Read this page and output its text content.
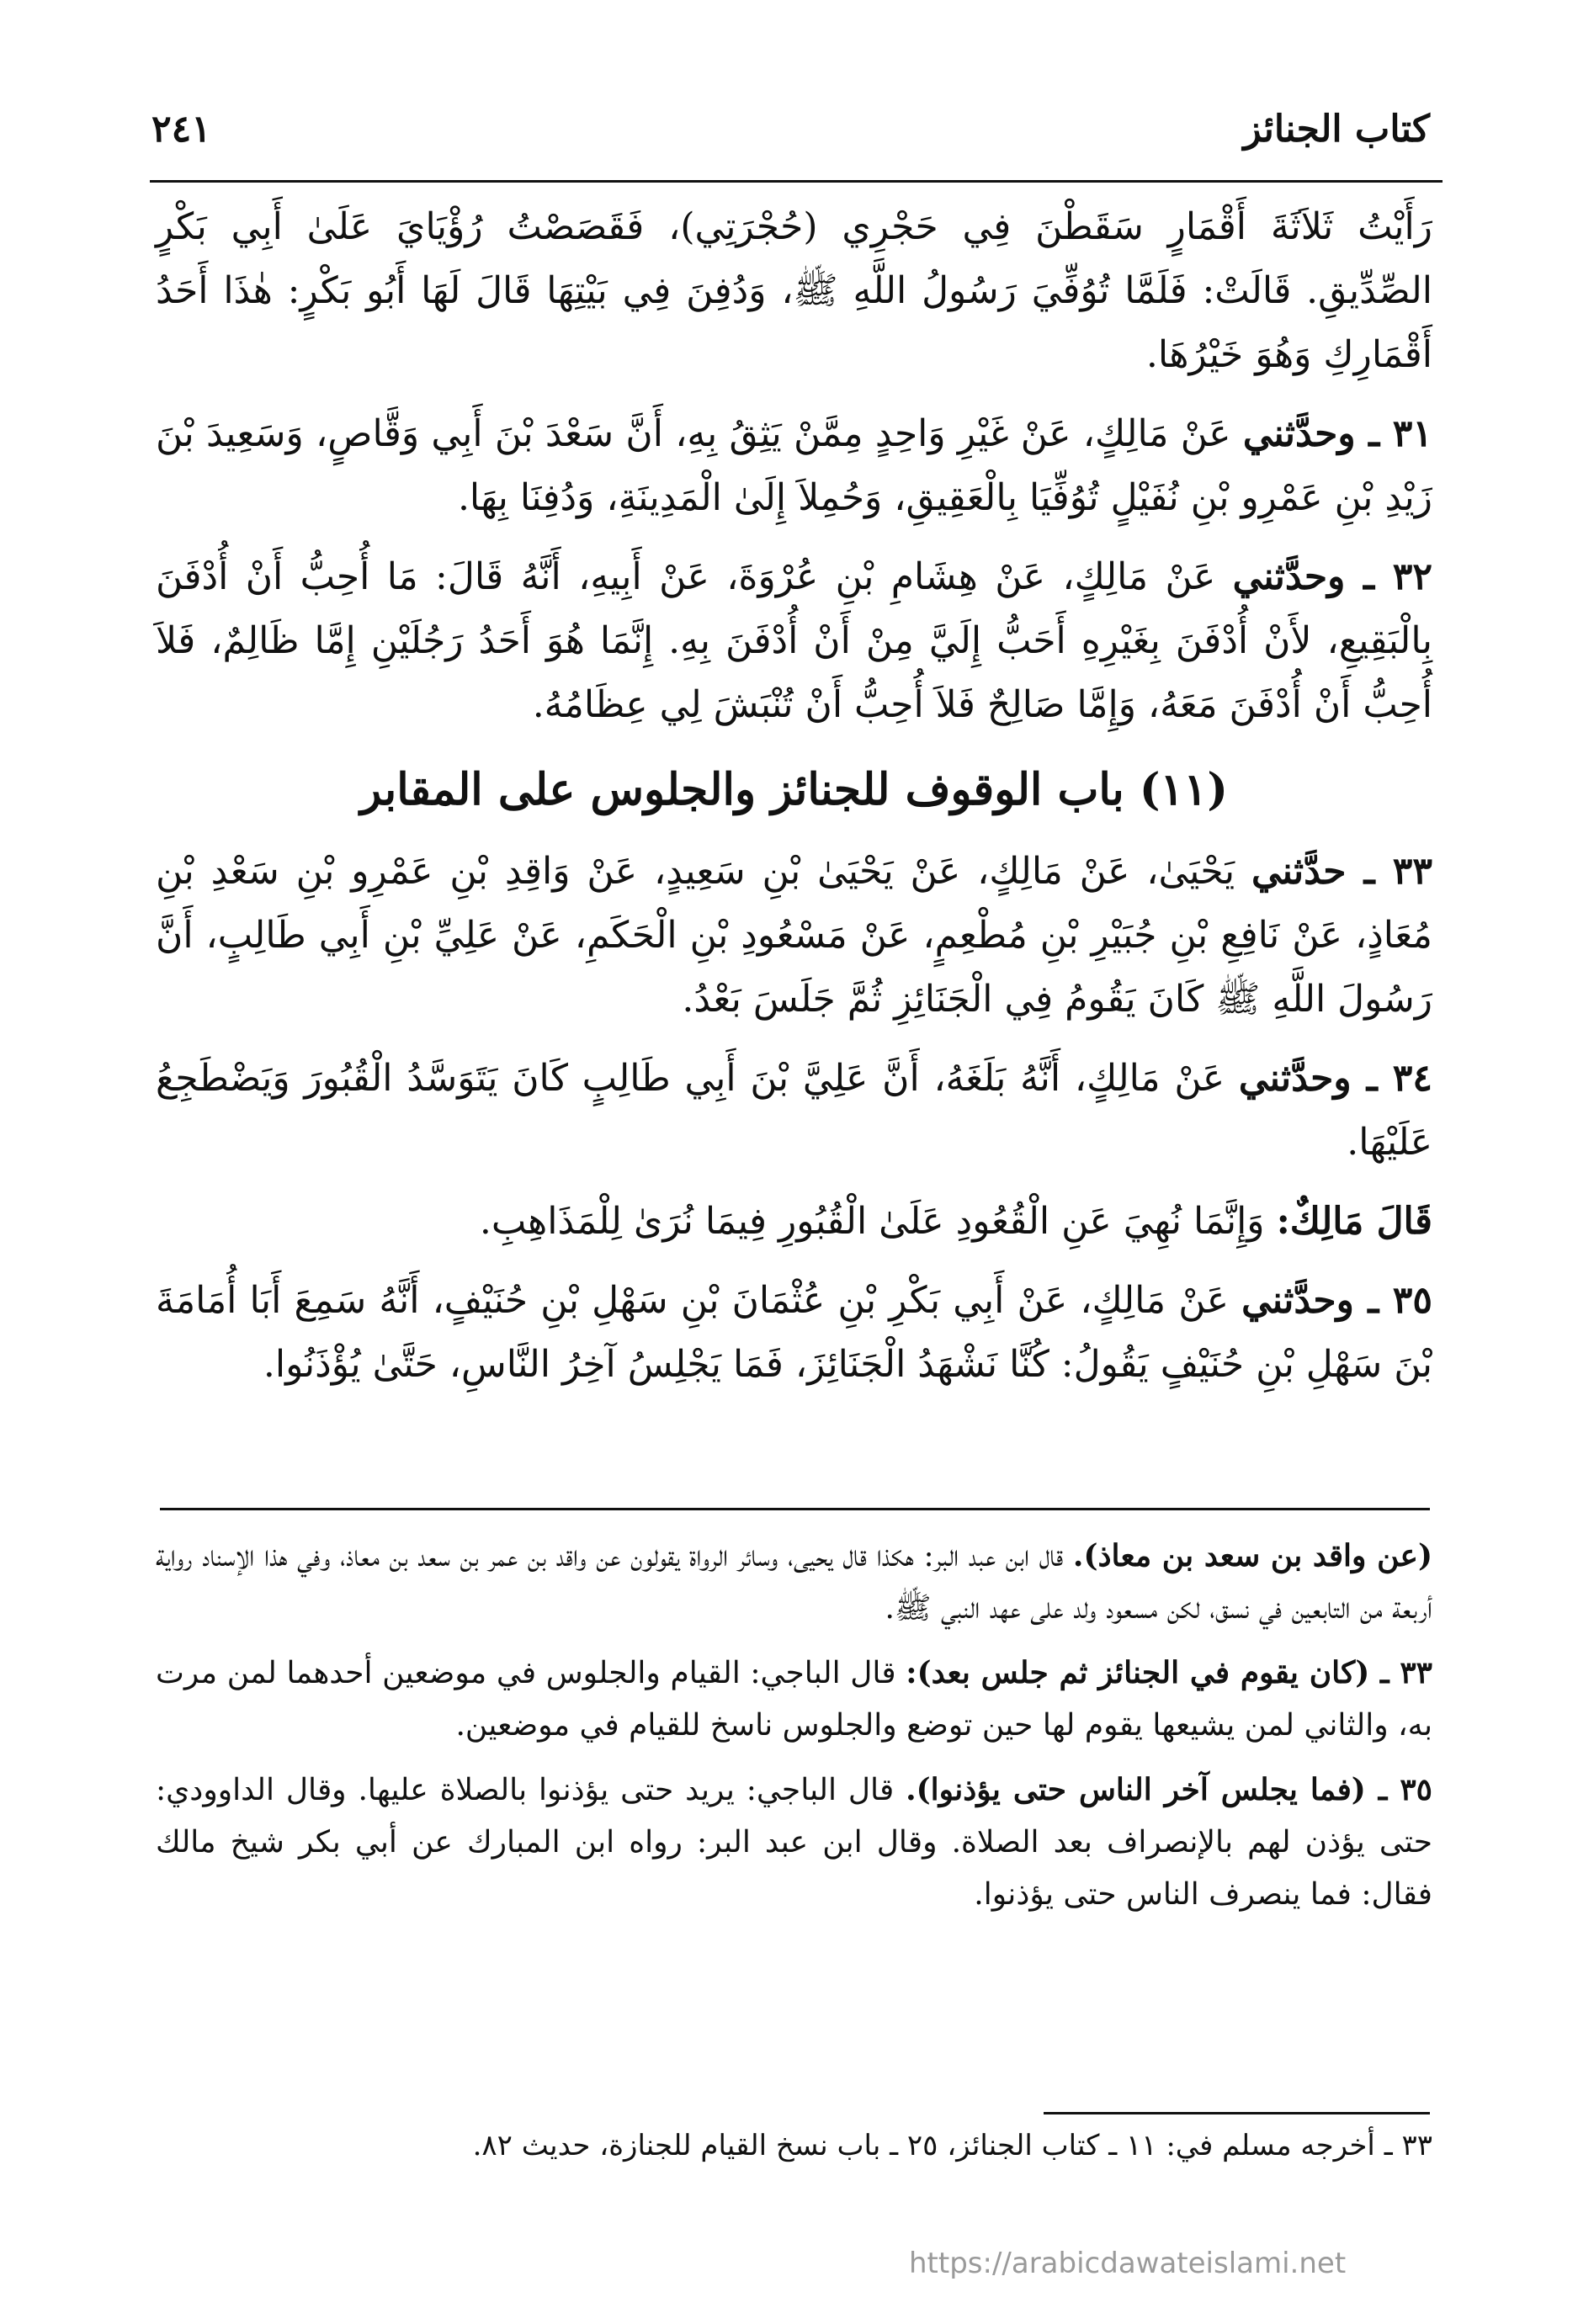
كتاب الجنائز
٢٤١

رَأَيْتُ ثَلاَثَةَ أَقْمَارٍ سَقَطْنَ فِي حَجْرِي (حُجْرَتِي)، فَقَصَصْتُ رُؤْيَايَ عَلَىٰ أَبِي بَكْرٍ الصِّدِّيقِ. قَالَتْ: فَلَمَّا تُوُفِّيَ رَسُولُ اللَّهِ ﷺ، وَدُفِنَ فِي بَيْتِهَا قَالَ لَهَا أَبُو بَكْرٍ: هٰذَا أَحَدُ أَقْمَارِكِ وَهُوَ خَيْرُهَا.

٣١ ـ وحدَّثني عَنْ مَالِكٍ، عَنْ غَيْرِ وَاحِدٍ مِمَّنْ يَثِقُ بِهِ، أَنَّ سَعْدَ بْنَ أَبِي وَقَّاصٍ، وَسَعِيدَ بْنَ زَيْدِ بْنِ عَمْرِو بْنِ نُفَيْلٍ تُوُفِّيَا بِالْعَقِيقِ، وَحُمِلاَ إِلَىٰ الْمَدِينَةِ، وَدُفِنَا بِهَا.

٣٢ ـ وحدَّثني عَنْ مَالِكٍ، عَنْ هِشَامِ بْنِ عُرْوَةَ، عَنْ أَبِيهِ، أَنَّهُ قَالَ: مَا أُحِبُّ أَنْ أُدْفَنَ بِالْبَقِيعِ، لأَنْ أُدْفَنَ بِغَيْرِهِ أَحَبُّ إِلَيَّ مِنْ أَنْ أُدْفَنَ بِهِ. إِنَّمَا هُوَ أَحَدُ رَجُلَيْنِ إِمَّا ظَالِمٌ، فَلاَ أُحِبُّ أَنْ أُدْفَنَ مَعَهُ، وَإِمَّا صَالِحٌ فَلاَ أُحِبُّ أَنْ تُنْبَشَ لِي عِظَامُهُ.

(١١) باب الوقوف للجنائز والجلوس على المقابر

٣٣ ـ حدَّثني يَحْيَىٰ، عَنْ مَالِكٍ، عَنْ يَحْيَىٰ بْنِ سَعِيدٍ، عَنْ وَاقِدِ بْنِ عَمْرِو بْنِ سَعْدِ بْنِ مُعَاذٍ، عَنْ نَافِعِ بْنِ جُبَيْرِ بْنِ مُطْعِمٍ، عَنْ مَسْعُودِ بْنِ الْحَكَمِ، عَنْ عَلِيِّ بْنِ أَبِي طَالِبٍ، أَنَّ رَسُولَ اللَّهِ ﷺ كَانَ يَقُومُ فِي الْجَنَائِزِ ثُمَّ جَلَسَ بَعْدُ.

٣٤ ـ وحدَّثني عَنْ مَالِكٍ، أَنَّهُ بَلَغَهُ، أَنَّ عَلِيَّ بْنَ أَبِي طَالِبٍ كَانَ يَتَوَسَّدُ الْقُبُورَ وَيَضْطَجِعُ عَلَيْهَا.

قَالَ مَالِكٌ: وَإِنَّمَا نُهِيَ عَنِ الْقُعُودِ عَلَىٰ الْقُبُورِ فِيمَا نُرَىٰ لِلْمَذَاهِبِ.

٣٥ ـ وحدَّثني عَنْ مَالِكٍ، عَنْ أَبِي بَكْرِ بْنِ عُثْمَانَ بْنِ سَهْلِ بْنِ حُنَيْفٍ، أَنَّهُ سَمِعَ أَبَا أُمَامَةَ بْنَ سَهْلِ بْنِ حُنَيْفٍ يَقُولُ: كُنَّا نَشْهَدُ الْجَنَائِزَ، فَمَا يَجْلِسُ آخِرُ النَّاسِ، حَتَّىٰ يُؤْذَنُوا.

(عن واقد بن سعد بن معاذ). قال ابن عبد البر: هكذا قال يحيى، وسائر الرواة يقولون عن واقد بن عمر بن سعد بن معاذ، وفي هذا الإسناد رواية أربعة من التابعين في نسق، لكن مسعود ولد على عهد النبي ﷺ.

٣٣ ـ (كان يقوم في الجنائز ثم جلس بعد): قال الباجي: القيام والجلوس في موضعين أحدهما لمن مرت به، والثاني لمن يشيعها يقوم لها حين توضع والجلوس ناسخ للقيام في موضعين.

٣٥ ـ (فما يجلس آخر الناس حتى يؤذنوا). قال الباجي: يريد حتى يؤذنوا بالصلاة عليها. وقال الداوودي: حتى يؤذن لهم بالإنصراف بعد الصلاة. وقال ابن عبد البر: رواه ابن المبارك عن أبي بكر شيخ مالك فقال: فما ينصرف الناس حتى يؤذنوا.

٣٣ ـ أخرجه مسلم في: ١١ ـ كتاب الجنائز، ٢٥ ـ باب نسخ القيام للجنازة، حديث ٨٢.
https://arabicdawateislami.net
